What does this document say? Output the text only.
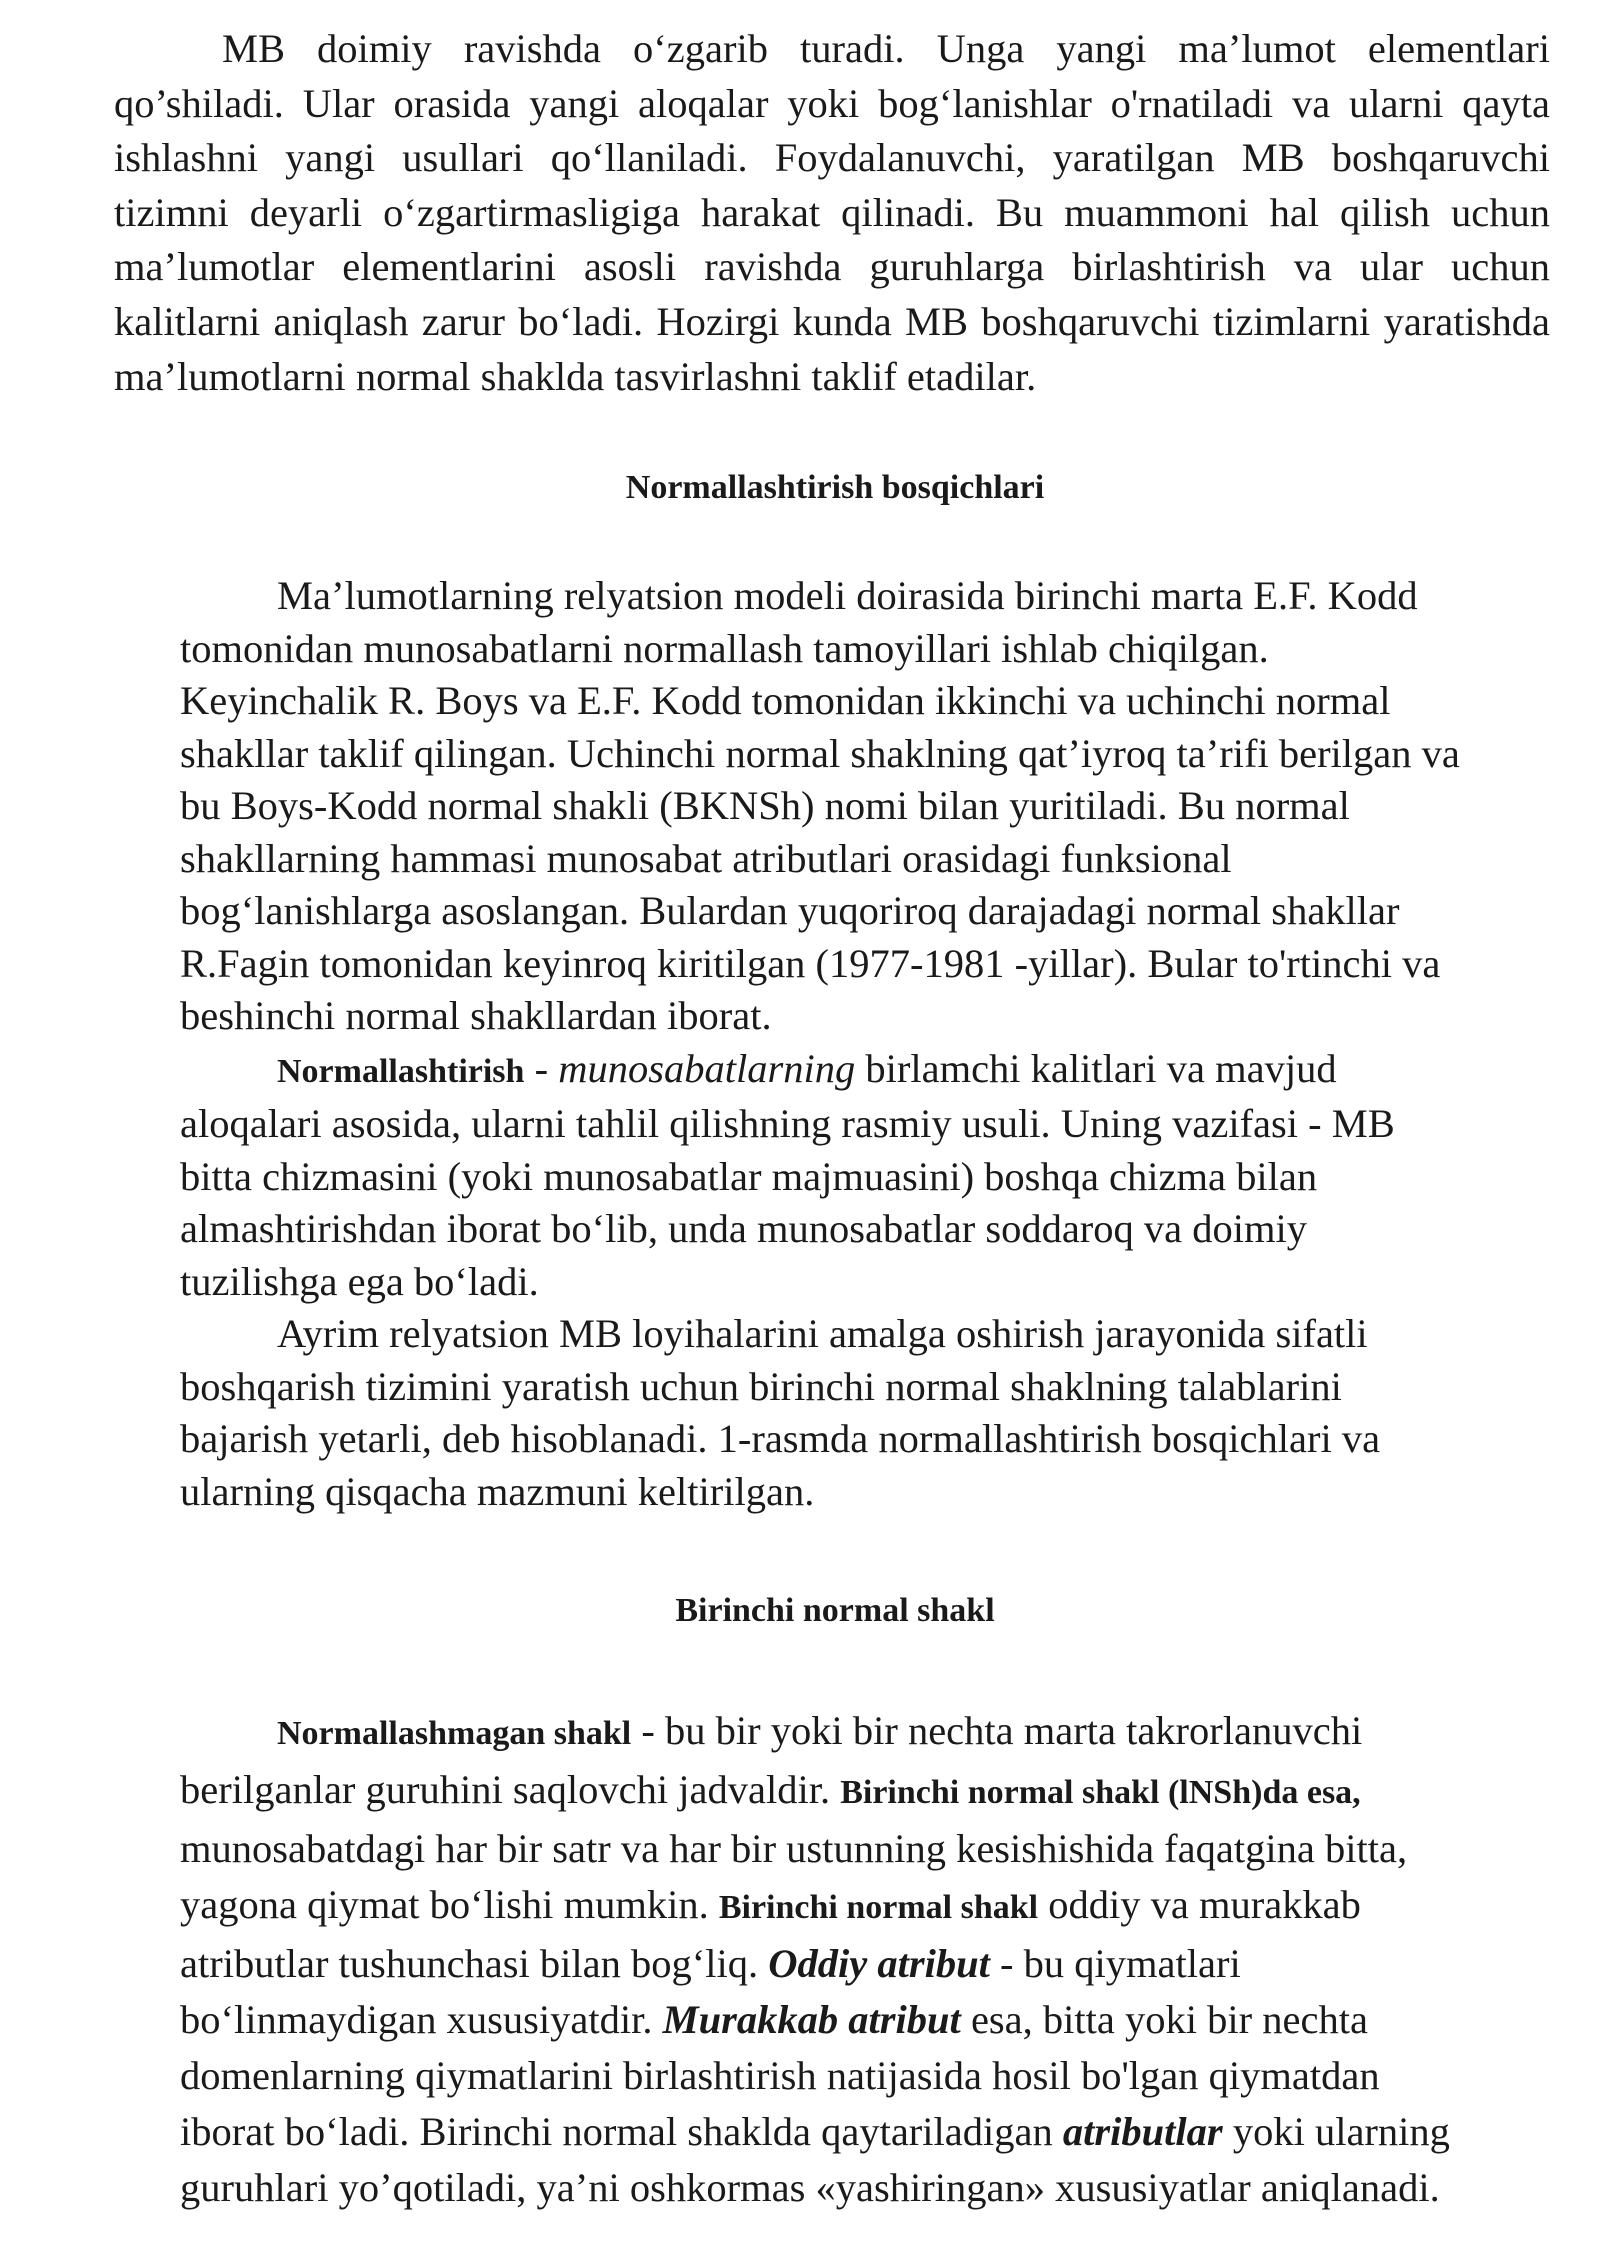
MB doimiy ravishda o‘zgarib turadi. Unga yangi ma’lumot elementlari qo’shiladi. Ular orasida yangi aloqalar yoki bog‘lanishlar o'rnatiladi va ularni qayta ishlashni yangi usullari qo‘llaniladi. Foydalanuvchi, yaratilgan MB boshqaruvchi tizimni deyarli o‘zgartirmasligiga harakat qilinadi. Bu muammoni hal qilish uchun ma’lumotlar elementlarini asosli ravishda guruhlarga birlashtirish va ular uchun kalitlarni aniqlash zarur bo‘ladi. Hozirgi kunda MB boshqaruvchi tizimlarni yaratishda ma’lumotlarni normal shaklda tasvirlashni taklif etadilar.

Normallashtirish bosqichlari

Ma’lumotlarning relyatsion modeli doirasida birinchi marta E.F. Kodd
tomonidan munosabatlarni normallash tamoyillari ishlab chiqilgan.
Keyinchalik R. Boys va E.F. Kodd tomonidan ikkinchi va uchinchi normal
shakllar taklif qilingan. Uchinchi normal shaklning qat’iyroq ta’rifi berilgan va
bu Boys-Kodd normal shakli (BKNSh) nomi bilan yuritiladi. Bu normal
shakllarning hammasi munosabat atributlari orasidagi funksional
bog‘lanishlarga asoslangan. Bulardan yuqoriroq darajadagi normal shakllar
R.Fagin tomonidan keyinroq kiritilgan (1977-1981 -yillar). Bular to'rtinchi va
beshinchi normal shakllardan iborat.

Normallashtirish - munosabatlarning birlamchi kalitlari va mavjud
aloqalari asosida, ularni tahlil qilishning rasmiy usuli. Uning vazifasi - MB
bitta chizmasini (yoki munosabatlar majmuasini) boshqa chizma bilan
almashtirishdan iborat bo‘lib, unda munosabatlar soddaroq va doimiy
tuzilishga ega bo‘ladi.

Ayrim relyatsion MB loyihalarini amalga oshirish jarayonida sifatli
boshqarish tizimini yaratish uchun birinchi normal shaklning talablarini
bajarish yetarli, deb hisoblanadi. 1-rasmda normallashtirish bosqichlari va
ularning qisqacha mazmuni keltirilgan.

Birinchi normal shakl

Normallashmagan shakl - bu bir yoki bir nechta marta takrorlanuvchi
berilganlar guruhini saqlovchi jadvaldir. Birinchi normal shakl (lNSh)da esa,
munosabatdagi har bir satr va har bir ustunning kesishishida faqatgina bitta,
yagona qiymat bo‘lishi mumkin. Birinchi normal shakl oddiy va murakkab
atributlar tushunchasi bilan bog‘liq. Oddiy atribut - bu qiymatlari
bo‘linmaydigan xususiyatdir. Murakkab atribut esa, bitta yoki bir nechta
domenlarning qiymatlarini birlashtirish natijasida hosil bo'lgan qiymatdan
iborat bo‘ladi. Birinchi normal shaklda qaytariladigan atributlar yoki ularning
guruhlari yo’qotiladi, ya’ni oshkormas «yashiringan» xususiyatlar aniqlanadi.
